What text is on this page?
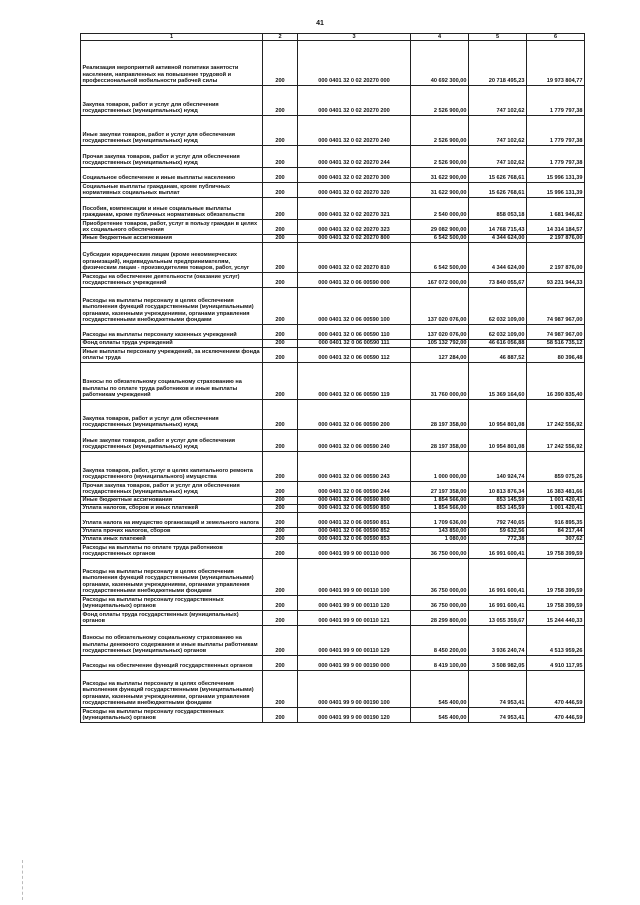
41
1	2	3	4	5	6
Реализация мероприятий активной политики занятости населения, направленных на повышение трудовой и профессиональной мобильности рабочей силы	200	000 0401 32 0 02 20270 000	40 692 300,00	20 718 495,23	19 973 804,77
Закупка товаров, работ и услуг для обеспечения государственных (муниципальных) нужд	200	000 0401 32 0 02 20270 200	2 526 900,00	747 102,62	1 779 797,38
Иные закупки товаров, работ и услуг для обеспечения государственных (муниципальных) нужд	200	000 0401 32 0 02 20270 240	2 526 900,00	747 102,62	1 779 797,38
Прочая закупка товаров, работ и услуг для обеспечения государственных (муниципальных) нужд	200	000 0401 32 0 02 20270 244	2 526 900,00	747 102,62	1 779 797,38
Социальное обеспечение и иные выплаты населению	200	000 0401 32 0 02 20270 300	31 622 900,00	15 626 768,61	15 996 131,39
Социальные выплаты гражданам, кроме публичных нормативных социальных выплат	200	000 0401 32 0 02 20270 320	31 622 900,00	15 626 768,61	15 996 131,39
Пособия, компенсации и иные социальные выплаты гражданам, кроме публичных нормативных обязательств	200	000 0401 32 0 02 20270 321	2 540 000,00	858 053,18	1 681 946,82
Приобретение товаров, работ, услуг в пользу граждан в целях их социального обеспечения	200	000 0401 32 0 02 20270 323	29 082 900,00	14 768 715,43	14 314 184,57
Иные бюджетные ассигнования	200	000 0401 32 0 02 20270 800	6 542 500,00	4 344 624,00	2 197 876,00
Субсидии юридическим лицам (кроме некоммерческих организаций), индивидуальным предпринимателям, физическим лицам - производителям товаров, работ, услуг	200	000 0401 32 0 02 20270 810	6 542 500,00	4 344 624,00	2 197 876,00
Расходы на обеспечение деятельности (оказание услуг) государственных учреждений	200	000 0401 32 0 06 00590 000	167 072 000,00	73 840 055,67	93 231 944,33
Расходы на выплаты персоналу в целях обеспечения выполнения функций государственными (муниципальными) органами, казенными учреждениями, органами управления государственными внебюджетными фондами	200	000 0401 32 0 06 00590 100	137 020 076,00	62 032 109,00	74 987 967,00
Расходы на выплаты персоналу казенных учреждений	200	000 0401 32 0 06 00590 110	137 020 076,00	62 032 109,00	74 987 967,00
Фонд оплаты труда учреждений	200	000 0401 32 0 06 00590 111	105 132 792,00	46 616 056,88	58 516 735,12
Иные выплаты персоналу учреждений, за исключением фонда оплаты труда	200	000 0401 32 0 06 00590 112	127 284,00	46 887,52	80 396,48
Взносы по обязательному социальному страхованию на выплаты по оплате труда работников и иные выплаты работникам учреждений	200	000 0401 32 0 06 00590 119	31 760 000,00	15 369 164,60	16 390 835,40
Закупка товаров, работ и услуг для обеспечения государственных (муниципальных) нужд	200	000 0401 32 0 06 00590 200	28 197 358,00	10 954 801,08	17 242 556,92
Иные закупки товаров, работ и услуг для обеспечения государственных (муниципальных) нужд	200	000 0401 32 0 06 00590 240	28 197 358,00	10 954 801,08	17 242 556,92
Закупка товаров, работ, услуг в целях капитального ремонта государственного (муниципального) имущества	200	000 0401 32 0 06 00590 243	1 000 000,00	140 924,74	859 075,26
Прочая закупка товаров, работ и услуг для обеспечения государственных (муниципальных) нужд	200	000 0401 32 0 06 00590 244	27 197 358,00	10 813 876,34	16 383 481,66
Иные бюджетные ассигнования	200	000 0401 32 0 06 00590 800	1 854 566,00	853 145,59	1 001 420,41
Уплата налогов, сборов и иных платежей	200	000 0401 32 0 06 00590 850	1 854 566,00	853 145,59	1 001 420,41
Уплата налога на имущество организаций и земельного налога	200	000 0401 32 0 06 00590 851	1 709 636,00	792 740,65	916 895,35
Уплата прочих налогов, сборов	200	000 0401 32 0 06 00590 852	143 850,00	59 632,56	84 217,44
Уплата иных платежей	200	000 0401 32 0 06 00590 853	1 080,00	772,38	307,62
Расходы на выплаты по оплате труда работников государственных органов	200	000 0401 99 9 00 00110 000	36 750 000,00	16 991 600,41	19 758 399,59
Расходы на выплаты персоналу в целях обеспечения выполнения функций государственными (муниципальными) органами, казенными учреждениями, органами управления государственными внебюджетными фондами	200	000 0401 99 9 00 00110 100	36 750 000,00	16 991 600,41	19 758 399,59
Расходы на выплаты персоналу государственных (муниципальных) органов	200	000 0401 99 9 00 00110 120	36 750 000,00	16 991 600,41	19 758 399,59
Фонд оплаты труда государственных (муниципальных) органов	200	000 0401 99 9 00 00110 121	28 299 800,00	13 055 359,67	15 244 440,33
Взносы по обязательному социальному страхованию на выплаты денежного содержания и иные выплаты работникам государственных (муниципальных) органов	200	000 0401 99 9 00 00110 129	8 450 200,00	3 936 240,74	4 513 959,26
Расходы на обеспечение функций государственных органов	200	000 0401 99 9 00 00190 000	8 419 100,00	3 508 982,05	4 910 117,95
Расходы на выплаты персоналу в целях обеспечения выполнения функций государственными (муниципальными) органами, казенными учреждениями, органами управления государственными внебюджетными фондами	200	000 0401 99 9 00 00190 100	545 400,00	74 953,41	470 446,59
Расходы на выплаты персоналу государственных (муниципальных) органов	200	000 0401 99 9 00 00190 120	545 400,00	74 953,41	470 446,59
